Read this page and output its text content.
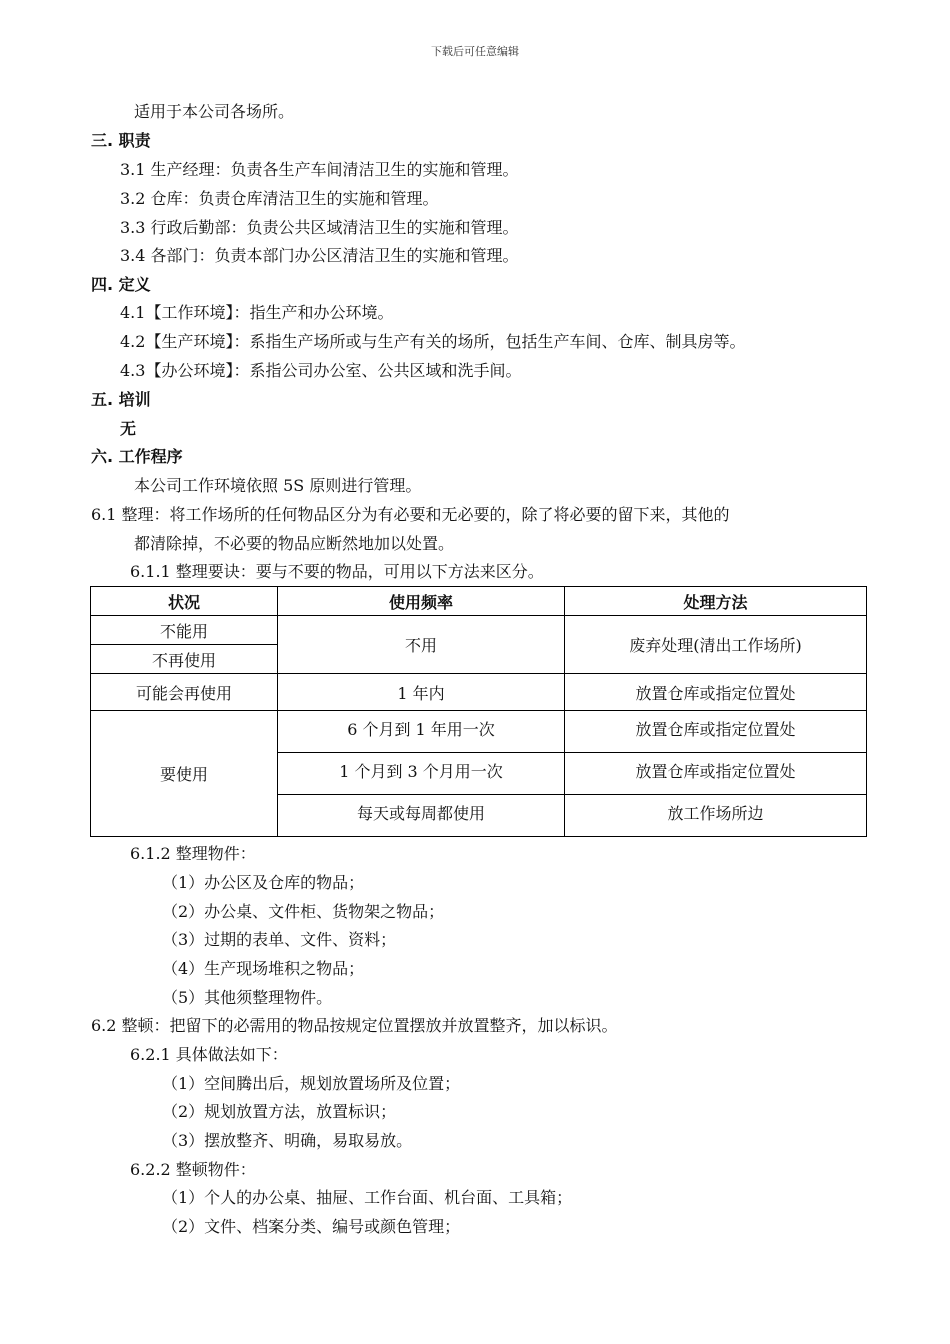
下载后可任意编辑
适用于本公司各场所。
三. 职责
3.1 生产经理：负责各生产车间清洁卫生的实施和管理。
3.2 仓库：负责仓库清洁卫生的实施和管理。
3.3 行政后勤部：负责公共区域清洁卫生的实施和管理。
3.4 各部门：负责本部门办公区清洁卫生的实施和管理。
四. 定义
4.1【工作环境】：指生产和办公环境。
4.2【生产环境】：系指生产场所或与生产有关的场所，包括生产车间、仓库、制具房等。
4.3【办公环境】：系指公司办公室、公共区域和洗手间。
五. 培训
无
六. 工作程序
本公司工作环境依照 5S 原则进行管理。
6.1 整理：将工作场所的任何物品区分为有必要和无必要的，除了将必要的留下来，其他的
都清除掉，不必要的物品应断然地加以处置。
6.1.1 整理要诀：要与不要的物品，可用以下方法来区分。
状况	使用频率	处理方法
不能用	不用	废弃处理(清出工作场所)
不再使用		
可能会再使用	1 年内	放置仓库或指定位置处
要使用	6 个月到 1 年用一次	放置仓库或指定位置处
	1 个月到 3 个月用一次	放置仓库或指定位置处
	每天或每周都使用	放工作场所边
6.1.2 整理物件：
（1）办公区及仓库的物品；
（2）办公桌、文件柜、货物架之物品；
（3）过期的表单、文件、资料；
（4）生产现场堆积之物品；
（5）其他须整理物件。
6.2 整顿：把留下的必需用的物品按规定位置摆放并放置整齐，加以标识。
6.2.1 具体做法如下：
（1）空间腾出后，规划放置场所及位置；
（2）规划放置方法，放置标识；
（3）摆放整齐、明确，易取易放。
6.2.2 整顿物件：
（1）个人的办公桌、抽屉、工作台面、机台面、工具箱；
（2）文件、档案分类、编号或颜色管理；
